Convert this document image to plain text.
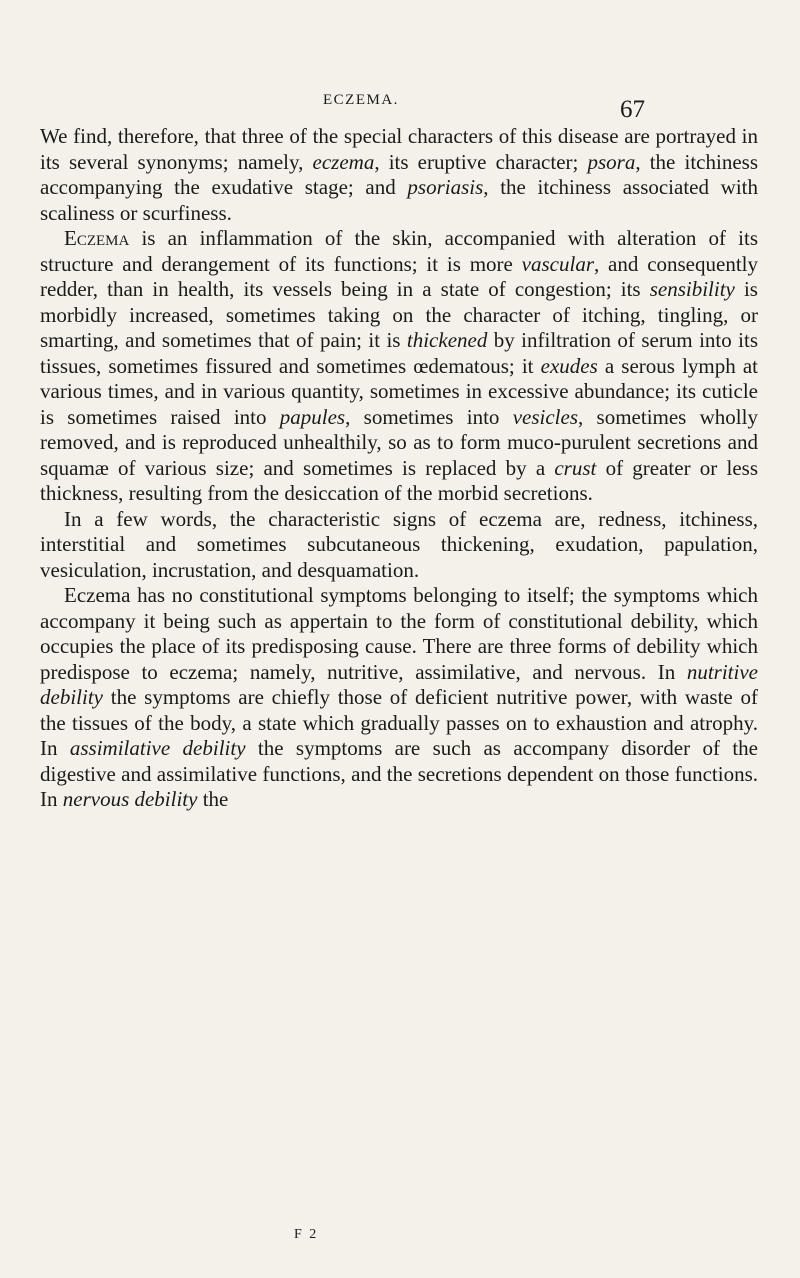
ECZEMA.	67

We find, therefore, that three of the special characters of this disease are portrayed in its several synonyms; namely, eczema, its eruptive character; psora, the itchiness accompanying the exudative stage; and psoriasis, the itchiness associated with scaliness or scurfiness.

Eczema is an inflammation of the skin, accompanied with alteration of its structure and derangement of its functions; it is more vascular, and consequently redder, than in health, its vessels being in a state of congestion; its sensibility is morbidly increased, sometimes taking on the character of itching, tingling, or smarting, and sometimes that of pain; it is thickened by infiltration of serum into its tissues, sometimes fissured and sometimes œdematous; it exudes a serous lymph at various times, and in various quantity, sometimes in excessive abundance; its cuticle is sometimes raised into papules, sometimes into vesicles, sometimes wholly removed, and is reproduced unhealthily, so as to form muco-purulent secretions and squamæ of various size; and sometimes is replaced by a crust of greater or less thickness, resulting from the desiccation of the morbid secretions.

In a few words, the characteristic signs of eczema are, redness, itchiness, interstitial and sometimes subcutaneous thickening, exudation, papulation, vesiculation, incrustation, and desquamation.

Eczema has no constitutional symptoms belonging to itself; the symptoms which accompany it being such as appertain to the form of constitutional debility, which occupies the place of its predisposing cause. There are three forms of debility which predispose to eczema; namely, nutritive, assimilative, and nervous. In nutritive debility the symptoms are chiefly those of deficient nutritive power, with waste of the tissues of the body, a state which gradually passes on to exhaustion and atrophy. In assimilative debility the symptoms are such as accompany disorder of the digestive and assimilative functions, and the secretions dependent on those functions. In nervous debility the

F 2
